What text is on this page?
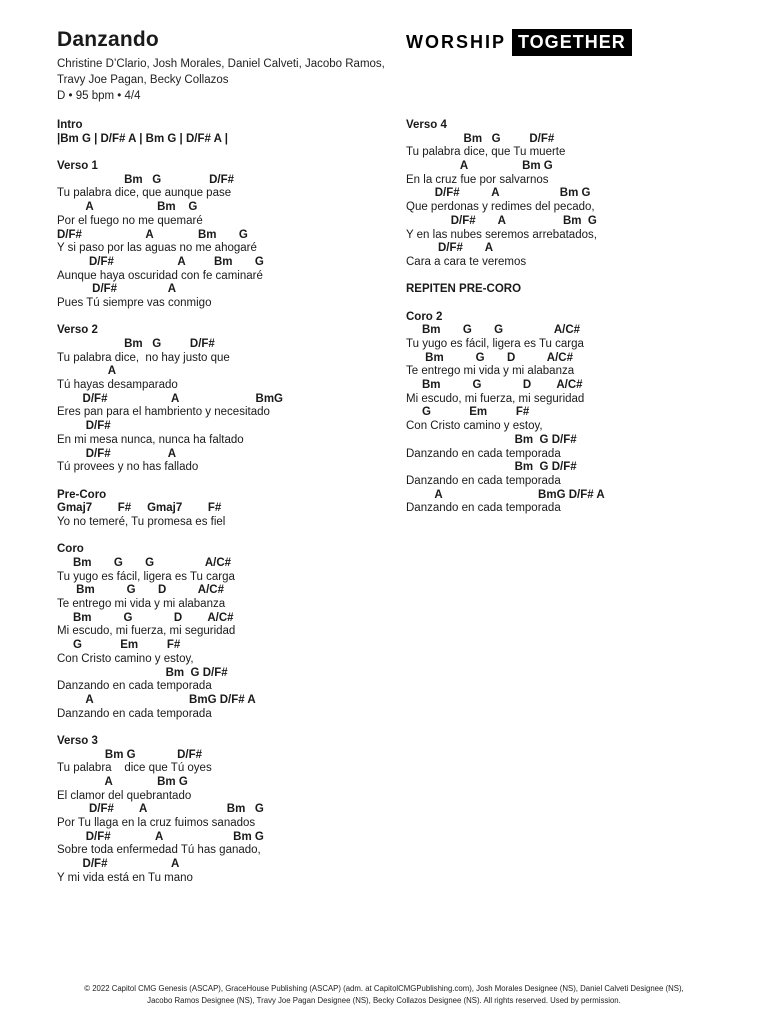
Danzando	WORSHIP TOGETHER
Christine D’Clario, Josh Morales, Daniel Calveti, Jacobo Ramos,
Travy Joe Pagan, Becky Collazos
D • 95 bpm • 4/4
Intro
|Bm G | D/F# A | Bm G | D/F# A |
Verso 1
Bm   G               D/F#
Tu palabra dice, que aunque pase
A                    Bm    G
Por el fuego no me quemaré
D/F#                    A              Bm       G
Y si paso por las aguas no me ahogaré
D/F#                    A         Bm       G
Aunque haya oscuridad con fe caminaré
D/F#                A
Pues Tú siempre vas conmigo
Verso 2
Bm   G         D/F#
Tu palabra dice,  no hay justo que
A
Tú hayas desamparado
D/F#                    A                        BmG
Eres pan para el hambriento y necesitado
D/F#
En mi mesa nunca, nunca ha faltado
D/F#                  A
Tú provees y no has fallado
Pre-Coro
Gmaj7        F#     Gmaj7        F#
Yo no temeré, Tu promesa es fiel
Coro
Bm       G       G                A/C#
Tu yugo es fácil, ligera es Tu carga
Bm          G       D          A/C#
Te entrego mi vida y mi alabanza
Bm          G             D        A/C#
Mi escudo, mi fuerza, mi seguridad
G            Em         F#
Con Cristo camino y estoy,
Bm  G D/F#
Danzando en cada temporada
A                              BmG D/F# A
Danzando en cada temporada
Verso 3
Bm G             D/F#
Tu palabra    dice que Tú oyes
A              Bm G
El clamor del quebrantado
D/F#        A                         Bm   G
Por Tu llaga en la cruz fuimos sanados
D/F#              A                      Bm G
Sobre toda enfermedad Tú has ganado,
D/F#                    A
Y mi vida está en Tu mano
Verso 4
Bm   G         D/F#
Tu palabra dice, que Tu muerte
A                 Bm G
En la cruz fue por salvarnos
D/F#          A                   Bm G
Que perdonas y redimes del pecado,
D/F#       A                  Bm  G
Y en las nubes seremos arrebatados,
D/F#       A
Cara a cara te veremos
REPITEN PRE-CORO
Coro 2
Bm       G       G                A/C#
Tu yugo es fácil, ligera es Tu carga
Bm          G       D          A/C#
Te entrego mi vida y mi alabanza
Bm          G             D        A/C#
Mi escudo, mi fuerza, mi seguridad
G            Em         F#
Con Cristo camino y estoy,
Bm  G D/F#
Danzando en cada temporada
Bm  G D/F#
Danzando en cada temporada
A                              BmG D/F# A
Danzando en cada temporada
© 2022 Capitol CMG Genesis (ASCAP), GraceHouse Publishing (ASCAP) (adm. at CapitolCMGPublishing.com), Josh Morales Designee (NS), Daniel Calveti Designee (NS),
Jacobo Ramos Designee (NS), Travy Joe Pagan Designee (NS), Becky Collazos Designee (NS). All rights reserved. Used by permission.
